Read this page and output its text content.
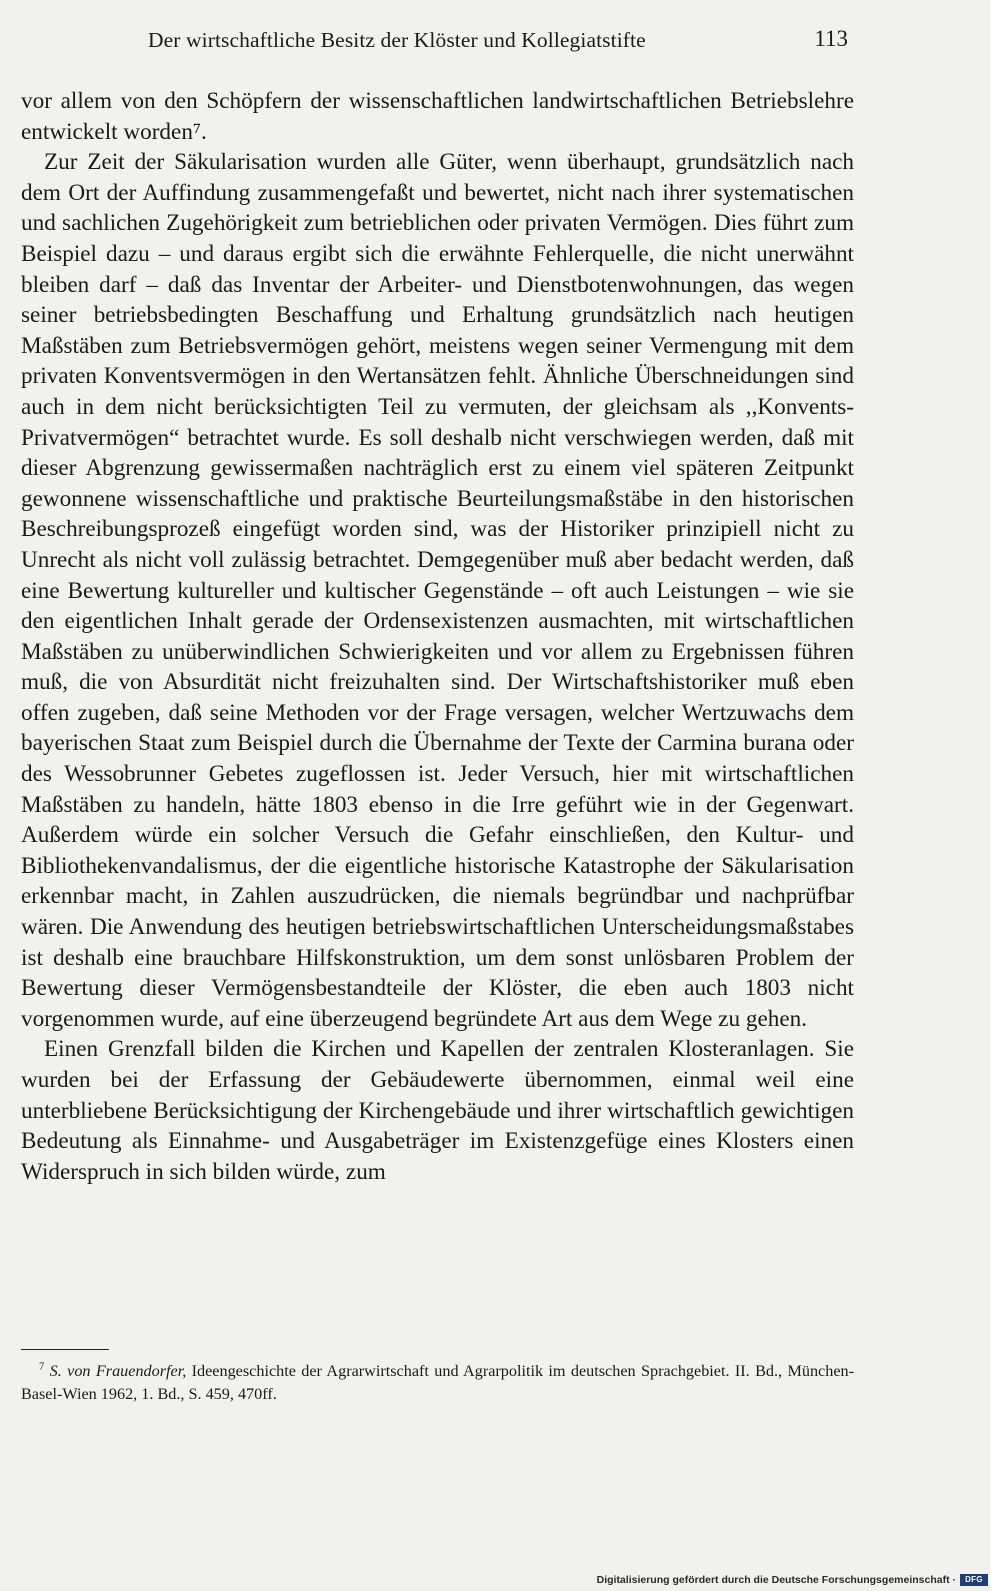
Der wirtschaftliche Besitz der Klöster und Kollegiatstifte	113

vor allem von den Schöpfern der wissenschaftlichen landwirtschaftlichen Betriebslehre entwickelt worden⁷.

Zur Zeit der Säkularisation wurden alle Güter, wenn überhaupt, grundsätzlich nach dem Ort der Auffindung zusammengefaßt und bewertet, nicht nach ihrer systematischen und sachlichen Zugehörigkeit zum betrieblichen oder privaten Vermögen. Dies führt zum Beispiel dazu – und daraus ergibt sich die erwähnte Fehlerquelle, die nicht unerwähnt bleiben darf – daß das Inventar der Arbeiter- und Dienstbotenwohnungen, das wegen seiner betriebsbedingten Beschaffung und Erhaltung grundsätzlich nach heutigen Maßstäben zum Betriebsvermögen gehört, meistens wegen seiner Vermengung mit dem privaten Konventsvermögen in den Wertansätzen fehlt. Ähnliche Überschneidungen sind auch in dem nicht berücksichtigten Teil zu vermuten, der gleichsam als ,,Konvents-Privatvermögen“ betrachtet wurde. Es soll deshalb nicht verschwiegen werden, daß mit dieser Abgrenzung gewissermaßen nachträglich erst zu einem viel späteren Zeitpunkt gewonnene wissenschaftliche und praktische Beurteilungsmaßstäbe in den historischen Beschreibungsprozeß eingefügt worden sind, was der Historiker prinzipiell nicht zu Unrecht als nicht voll zulässig betrachtet. Demgegenüber muß aber bedacht werden, daß eine Bewertung kultureller und kultischer Gegenstände – oft auch Leistungen – wie sie den eigentlichen Inhalt gerade der Ordensexistenzen ausmachten, mit wirtschaftlichen Maßstäben zu unüberwindlichen Schwierigkeiten und vor allem zu Ergebnissen führen muß, die von Absurdität nicht freizuhalten sind. Der Wirtschaftshistoriker muß eben offen zugeben, daß seine Methoden vor der Frage versagen, welcher Wertzuwachs dem bayerischen Staat zum Beispiel durch die Übernahme der Texte der Carmina burana oder des Wessobrunner Gebetes zugeflossen ist. Jeder Versuch, hier mit wirtschaftlichen Maßstäben zu handeln, hätte 1803 ebenso in die Irre geführt wie in der Gegenwart. Außerdem würde ein solcher Versuch die Gefahr einschließen, den Kultur- und Bibliothekenvandalismus, der die eigentliche historische Katastrophe der Säkularisation erkennbar macht, in Zahlen auszudrücken, die niemals begründbar und nachprüfbar wären. Die Anwendung des heutigen betriebswirtschaftlichen Unterscheidungsmaßstabes ist deshalb eine brauchbare Hilfskonstruktion, um dem sonst unlösbaren Problem der Bewertung dieser Vermögensbestandteile der Klöster, die eben auch 1803 nicht vorgenommen wurde, auf eine überzeugend begründete Art aus dem Wege zu gehen.

Einen Grenzfall bilden die Kirchen und Kapellen der zentralen Klosteranlagen. Sie wurden bei der Erfassung der Gebäudewerte übernommen, einmal weil eine unterbliebene Berücksichtigung der Kirchengebäude und ihrer wirtschaftlich gewichtigen Bedeutung als Einnahme- und Ausgabeträger im Existenzgefüge eines Klosters einen Widerspruch in sich bilden würde, zum

$^7$ S. von Frauendorfer, Ideengeschichte der Agrarwirtschaft und Agrarpolitik im deutschen Sprachgebiet. II. Bd., München-Basel-Wien 1962, 1. Bd., S. 459, 470ff.
Digitalisierung gefördert durch die Deutsche Forschungsgemeinschaft ·	DFG
